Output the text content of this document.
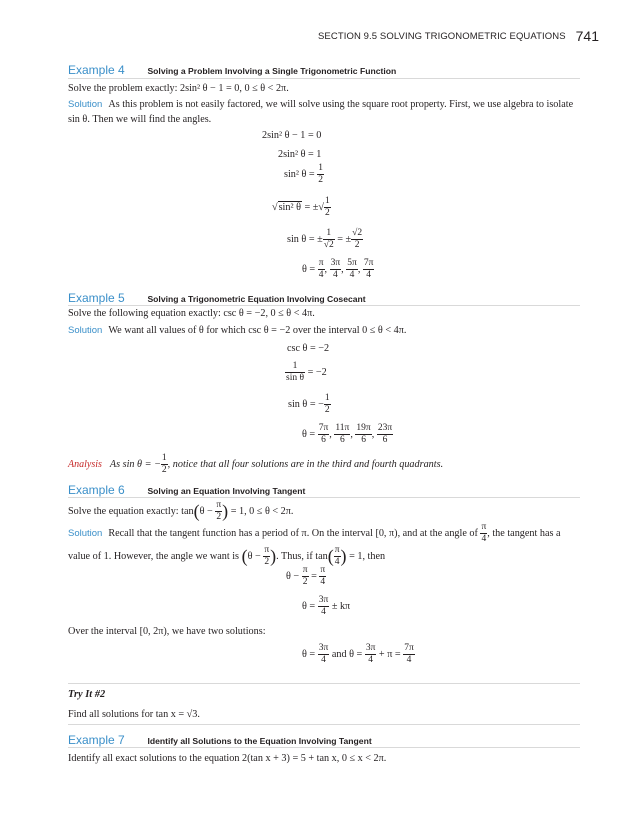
SECTION 9.5 SOLVING TRIGONOMETRIC EQUATIONS 741
Example 4	Solving a Problem Involving a Single Trigonometric Function
Solve the problem exactly: 2sin² θ − 1 = 0, 0 ≤ θ < 2π.
Solution As this problem is not easily factored, we will solve using the square root property. First, we use algebra to isolate sin θ. Then we will find the angles.
2sin² θ − 1 = 0
2sin² θ = 1
sin² $\theta = \frac{1}{2}$
√sin² θ = ±√ $\frac{1}{2}$
sin θ = ± $\frac{1}{√2}$ = ± $\frac{√2}{2}$
$\theta = \frac{\pi}{4}$ , $\frac{3\pi}{4}$ , $\frac{5\pi}{4}$ , $\frac{7\pi}{4}$
Example 5	Solving a Trigonometric Equation Involving Cosecant
Solve the following equation exactly: csc θ = −2, 0 ≤ θ < 4π.
Solution We want all values of θ for which csc θ = −2 over the interval 0 ≤ θ < 4π.
csc θ = −2
$\frac{1}{\text{sin θ}} = -2$
sin θ = − $\frac{1}{2}$
$\theta = \frac{7\pi}{6}$ , $\frac{11\pi}{6}$ , $\frac{19\pi}{6}$ , $\frac{23\pi}{6}$
Analysis As sin θ = − $\frac{1}{2}$ , notice that all four solutions are in the third and fourth quadrants.
Example 6	Solving an Equation Involving Tangent
Solve the equation exactly: $\tan(\theta - \frac{\pi}{2}$ ) = 1, 0 ≤ θ < 2π.
Solution Recall that the tangent function has a period of π. On the interval [0, π), and at the angle of $\frac{\pi}{4}$ , the tangent has a
value of 1. However, the angle we want is ($\theta - \frac{\pi}{2}$ ). Thus, if $\tan( \frac{\pi}{4}$ ) = 1, then
$\theta - \frac{\pi}{2} = \frac{\pi}{4}$
$\theta = \frac{3\pi}{4} \pm k\pi$
Over the interval [0, 2π), we have two solutions:
$\theta = \frac{3\pi}{4}$ and $\theta = \frac{3\pi}{4} + \pi = \frac{7\pi}{4}$
Try It #2
Find all solutions for tan x = √3.
Example 7	Identify all Solutions to the Equation Involving Tangent
Identify all exact solutions to the equation 2(tan x + 3) = 5 + tan x, 0 ≤ x < 2π.
